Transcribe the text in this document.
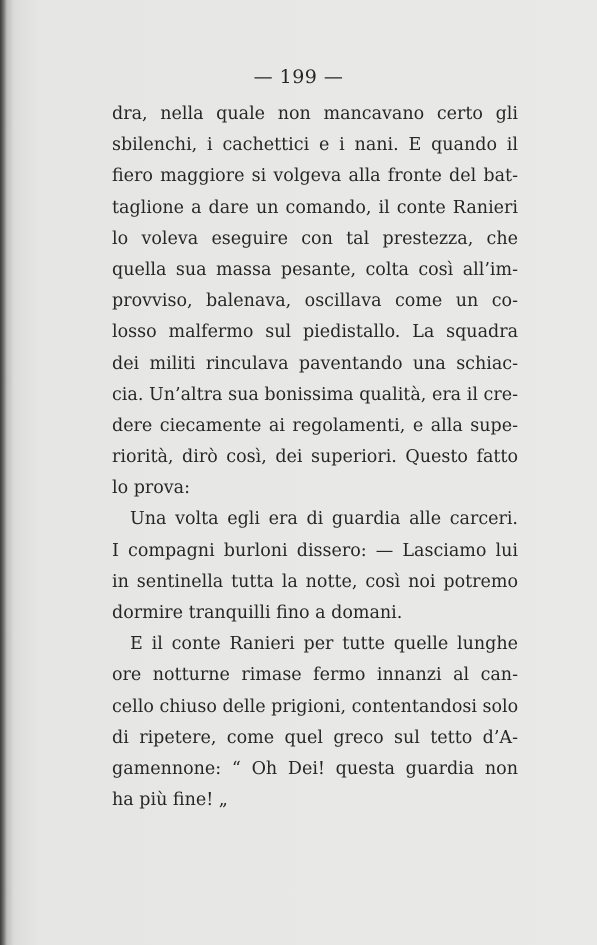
— 199 —
dra, nella quale non mancavano certo gli
sbilenchi, i cachettici e i nani. E quando il
fiero maggiore si volgeva alla fronte del bat-
taglione a dare un comando, il conte Ranieri
lo voleva eseguire con tal prestezza, che
quella sua massa pesante, colta così all’im-
provviso, balenava, oscillava come un co-
losso malfermo sul piedistallo. La squadra
dei militi rinculava paventando una schiac-
cia. Un’altra sua bonissima qualità, era il cre-
dere ciecamente ai regolamenti, e alla supe-
riorità, dirò così, dei superiori. Questo fatto
lo prova:
Una volta egli era di guardia alle carceri.
I compagni burloni dissero: — Lasciamo lui
in sentinella tutta la notte, così noi potremo
dormire tranquilli fino a domani.
E il conte Ranieri per tutte quelle lunghe
ore notturne rimase fermo innanzi al can-
cello chiuso delle prigioni, contentandosi solo
di ripetere, come quel greco sul tetto d’A-
gamennone: “ Oh Dei! questa guardia non
ha più fine! „
